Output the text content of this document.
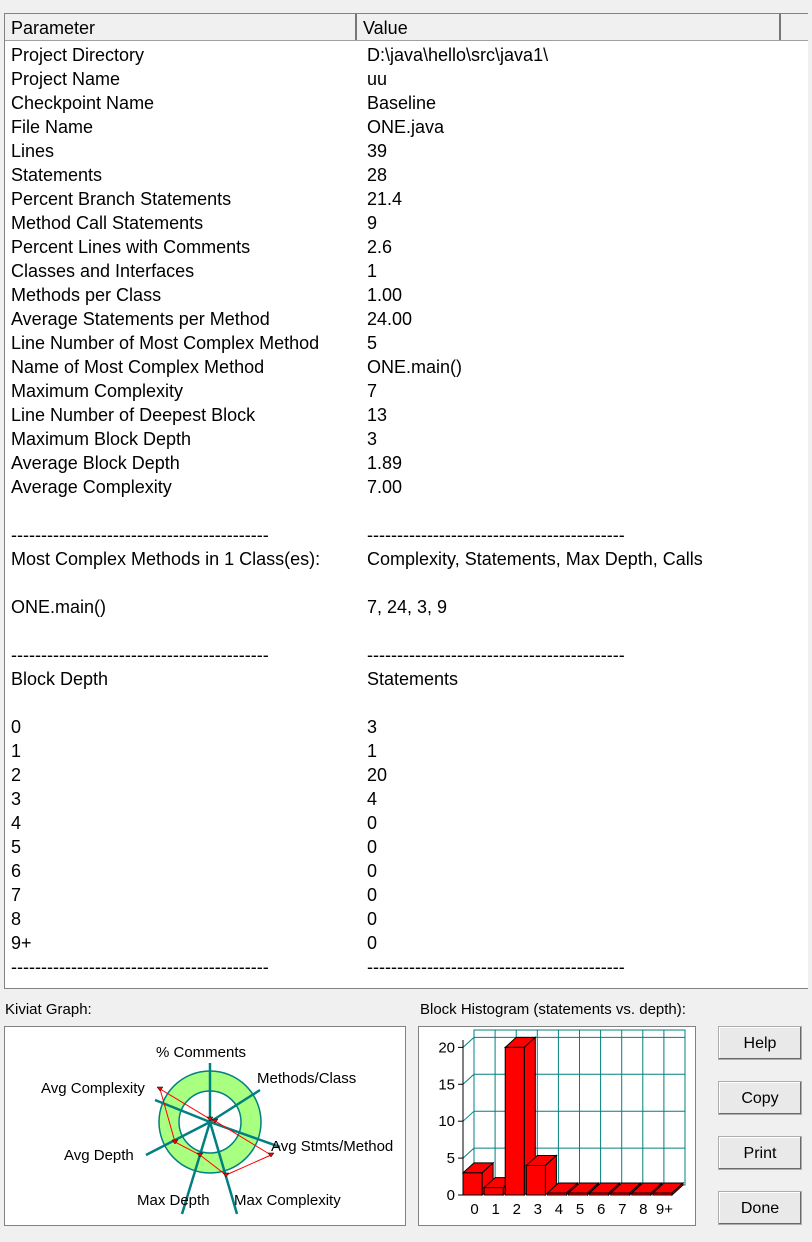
Parameter	Value
Project Directory	D:\java\hello\src\java1\
Project Name	uu
Checkpoint Name	Baseline
File Name	ONE.java
Lines	39
Statements	28
Percent Branch Statements	21.4
Method Call Statements	9
Percent Lines with Comments	2.6
Classes and Interfaces	1
Methods per Class	1.00
Average Statements per Method	24.00
Line Number of Most Complex Method	5
Name of Most Complex Method	ONE.main()
Maximum Complexity	7
Line Number of Deepest Block	13
Maximum Block Depth	3
Average Block Depth	1.89
Average Complexity	7.00
-------------------------------------------	-------------------------------------------
Most Complex Methods in 1 Class(es):	Complexity, Statements, Max Depth, Calls
ONE.main()	7, 24, 3, 9
-------------------------------------------	-------------------------------------------
Block Depth	Statements
0	3
1	1
2	20
3	4
4	0
5	0
6	0
7	0
8	0
9+	0
-------------------------------------------	-------------------------------------------
Kiviat Graph:
% Comments
Methods/Class
Avg Stmts/Method
Max Complexity
Max Depth
Avg Depth
Avg Complexity
Block Histogram (statements vs. depth):
0
5
10
15
20
0 1 2 3 4 5 6 7 8 9+
Help
Copy
Print
Done
